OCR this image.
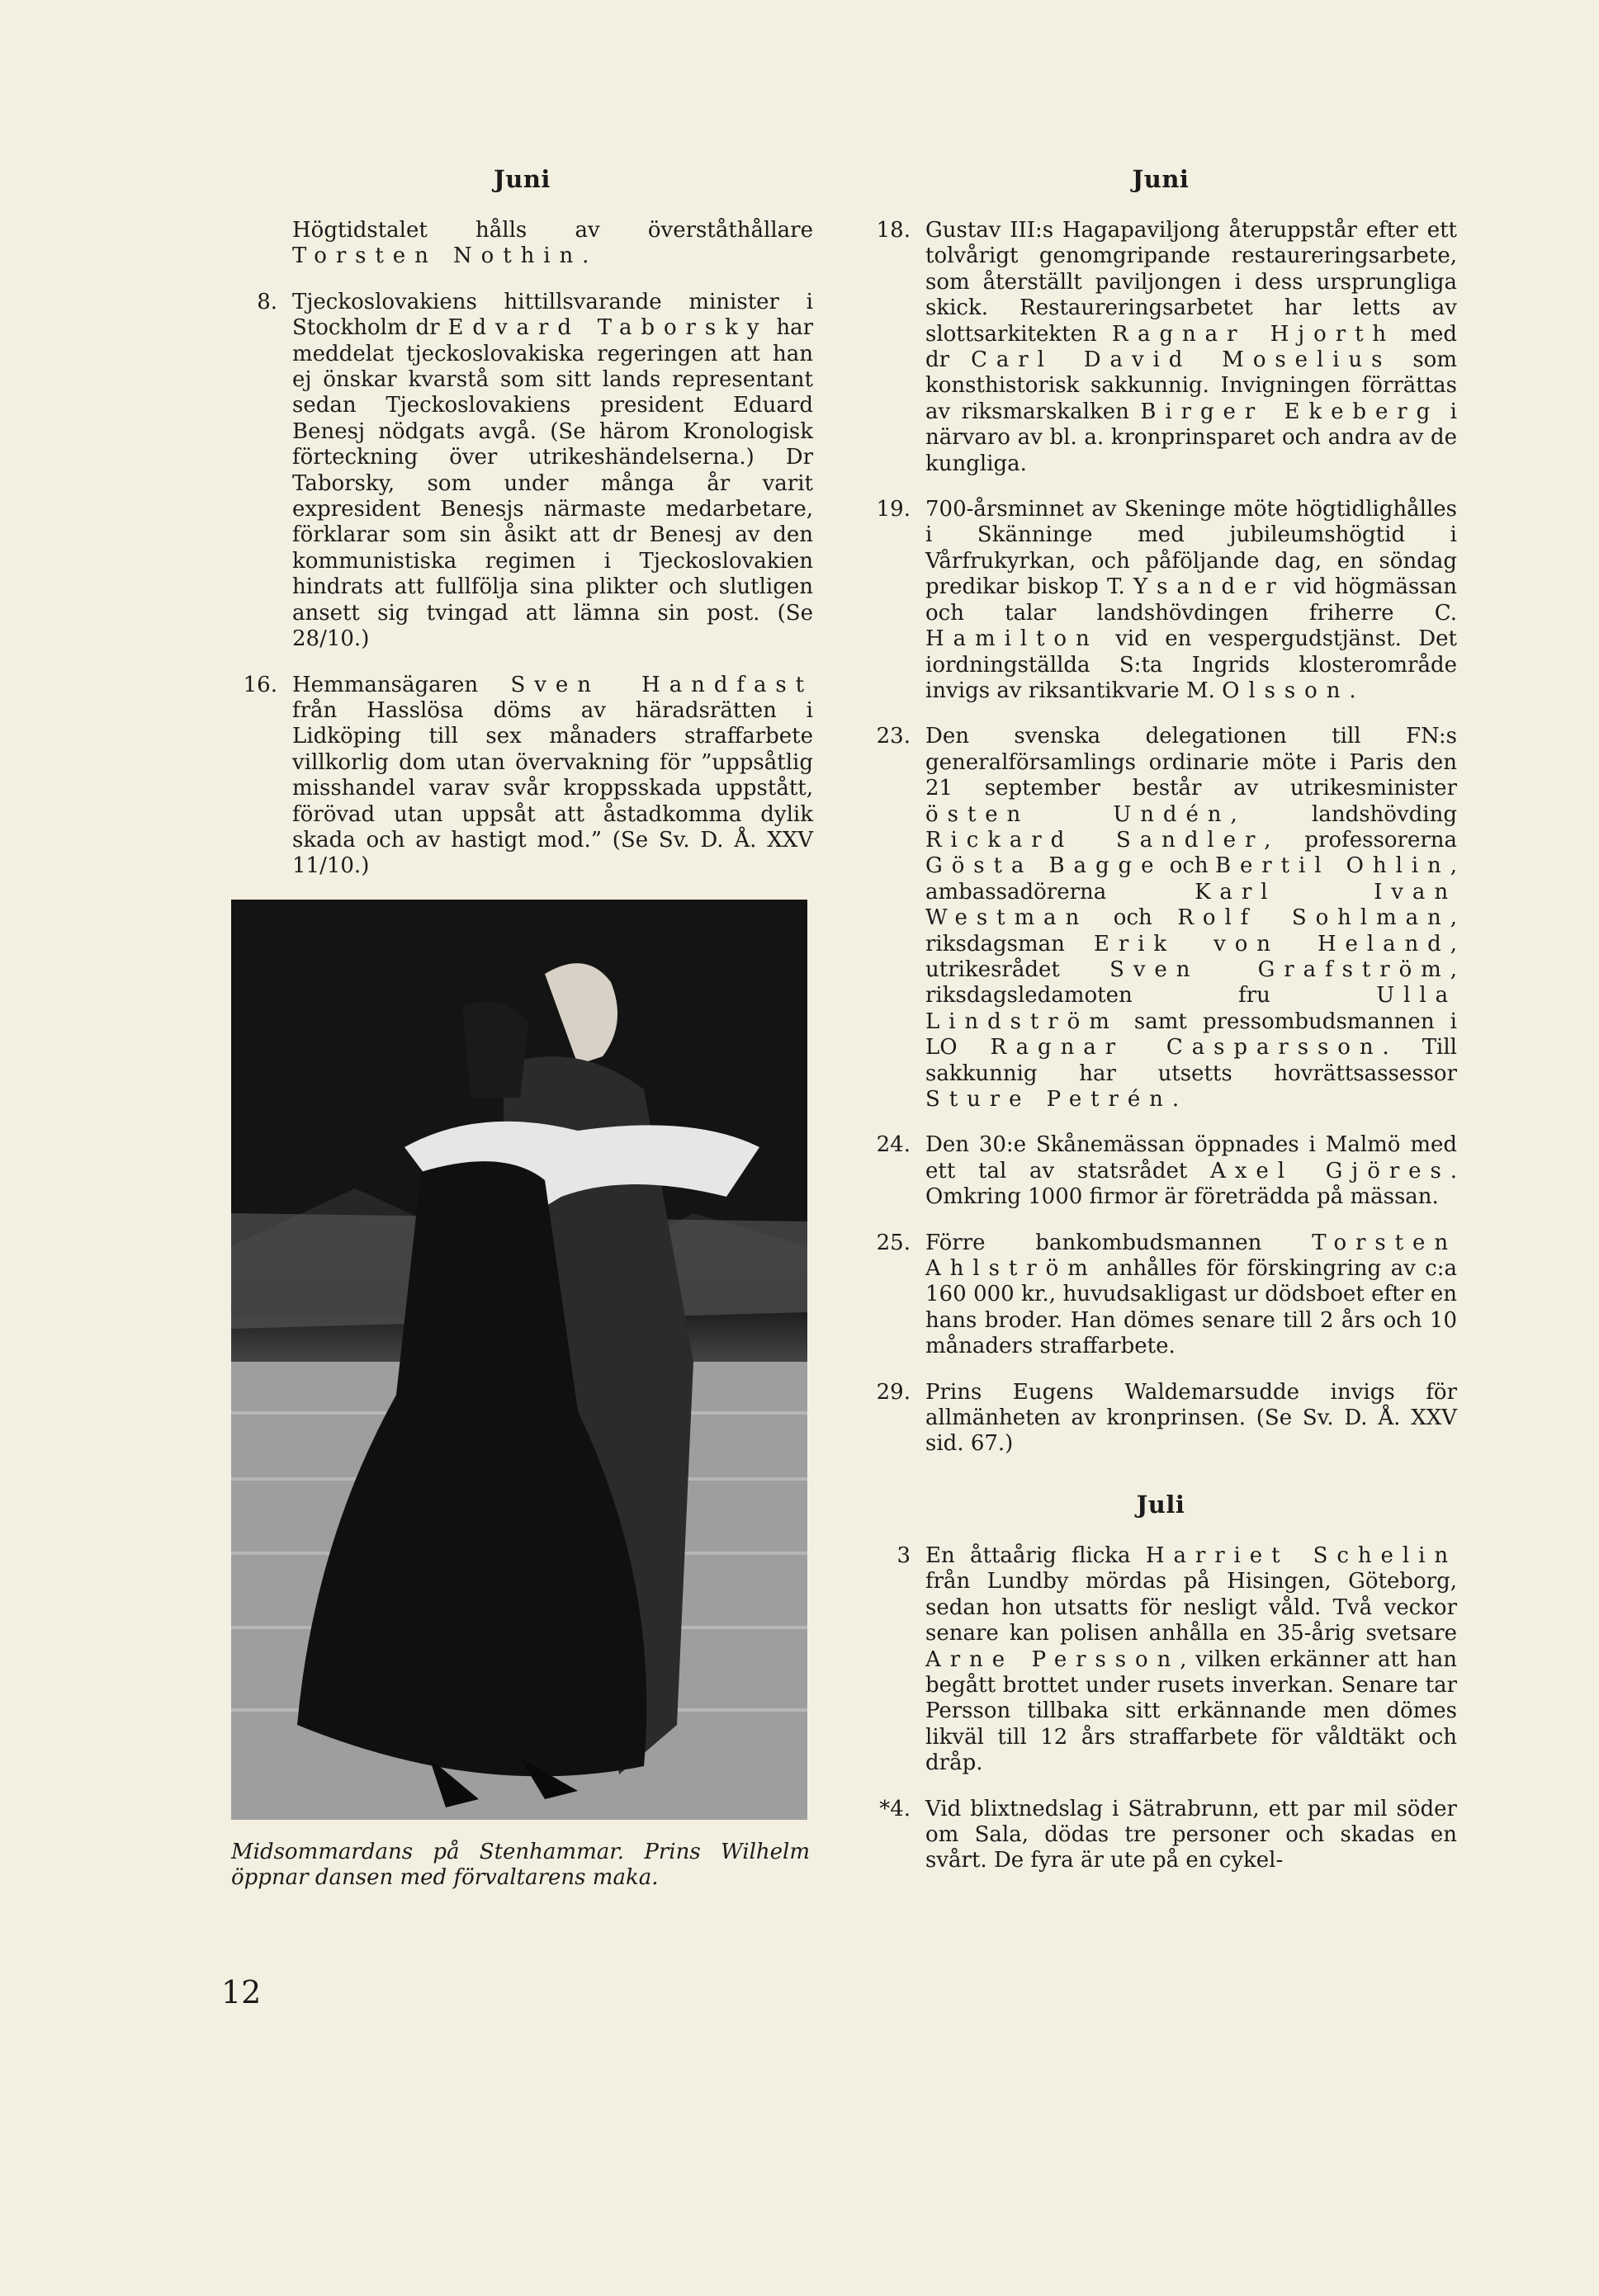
Juni
Högtidstalet hålls av överståthållare Torsten Nothin.
8. Tjeckoslovakiens hittillsvarande minister i Stockholm dr Edvard Taborsky har meddelat tjeckoslovakiska regeringen att han ej önskar kvarstå som sitt lands representant sedan Tjeckoslovakiens president Eduard Benesj nödgats avgå. (Se härom Kronologisk förteckning över utrikeshändelserna.) Dr Taborsky, som under många år varit expresident Benesjs närmaste medarbetare, förklarar som sin åsikt att dr Benesj av den kommunistiska regimen i Tjeckoslovakien hindrats att fullfölja sina plikter och slutligen ansett sig tvingad att lämna sin post. (Se 28/10.)
16. Hemmansägaren Sven Handfast från Hasslösa döms av häradsrätten i Lidköping till sex månaders straffarbete villkorlig dom utan övervakning för ”uppsåtlig misshandel varav svår kroppsskada uppstått, förövad utan uppsåt att åstadkomma dylik skada och av hastigt mod.” (Se Sv. D. Å. XXV 11/10.)
Midsommardans på Stenhammar. Prins Wilhelm öppnar dansen med förvaltarens maka.
Juni
18. Gustav III:s Hagapaviljong återuppstår efter ett tolvårigt genomgripande restaureringsarbete, som återställt paviljongen i dess ursprungliga skick. Restaureringsarbetet har letts av slottsarkitekten Ragnar Hjorth med dr Carl David Moselius som konsthistorisk sakkunnig. Invigningen förrättas av riksmarskalken Birger Ekeberg i närvaro av bl. a. kronprinsparet och andra av de kungliga.
19. 700-årsminnet av Skeninge möte högtidlighålles i Skänninge med jubileumshögtid i Vårfrukyrkan, och påföljande dag, en söndag predikar biskop T. Ysander vid högmässan och talar landshövdingen friherre C. Hamilton vid en vespergudstjänst. Det iordningställda S:ta Ingrids klosterområde invigs av riksantikvarie M. Olsson.
23. Den svenska delegationen till FN:s generalförsamlings ordinarie möte i Paris den 21 september består av utrikesminister östen Undén, landshövding Rickard Sandler, professorerna Gösta Bagge och Bertil Ohlin, ambassadörerna Karl Ivan Westman och Rolf Sohlman, riksdagsman Erik von Heland, utrikesrådet Sven Grafström, riksdagsledamoten fru Ulla Lindström samt pressombudsmannen i LO Ragnar Casparsson. Till sakkunnig har utsetts hovrättsassessor Sture Petrén.
24. Den 30:e Skånemässan öppnades i Malmö med ett tal av statsrådet Axel Gjöres. Omkring 1000 firmor är företrädda på mässan.
25. Förre bankombudsmannen Torsten Ahlström anhålles för förskingring av c:a 160 000 kr., huvudsakligast ur dödsboet efter en hans broder. Han dömes senare till 2 års och 10 månaders straffarbete.
29. Prins Eugens Waldemarsudde invigs för allmänheten av kronprinsen. (Se Sv. D. Å. XXV sid. 67.)
Juli
3 En åttaårig flicka Harriet Schelin från Lundby mördas på Hisingen, Göteborg, sedan hon utsatts för nesligt våld. Två veckor senare kan polisen anhålla en 35-årig svetsare Arne Persson, vilken erkänner att han begått brottet under rusets inverkan. Senare tar Persson tillbaka sitt erkännande men dömes likväl till 12 års straffarbete för våldtäkt och dråp.
*4. Vid blixtnedslag i Sätrabrunn, ett par mil söder om Sala, dödas tre personer och skadas en svårt. De fyra är ute på en cykel-
12
